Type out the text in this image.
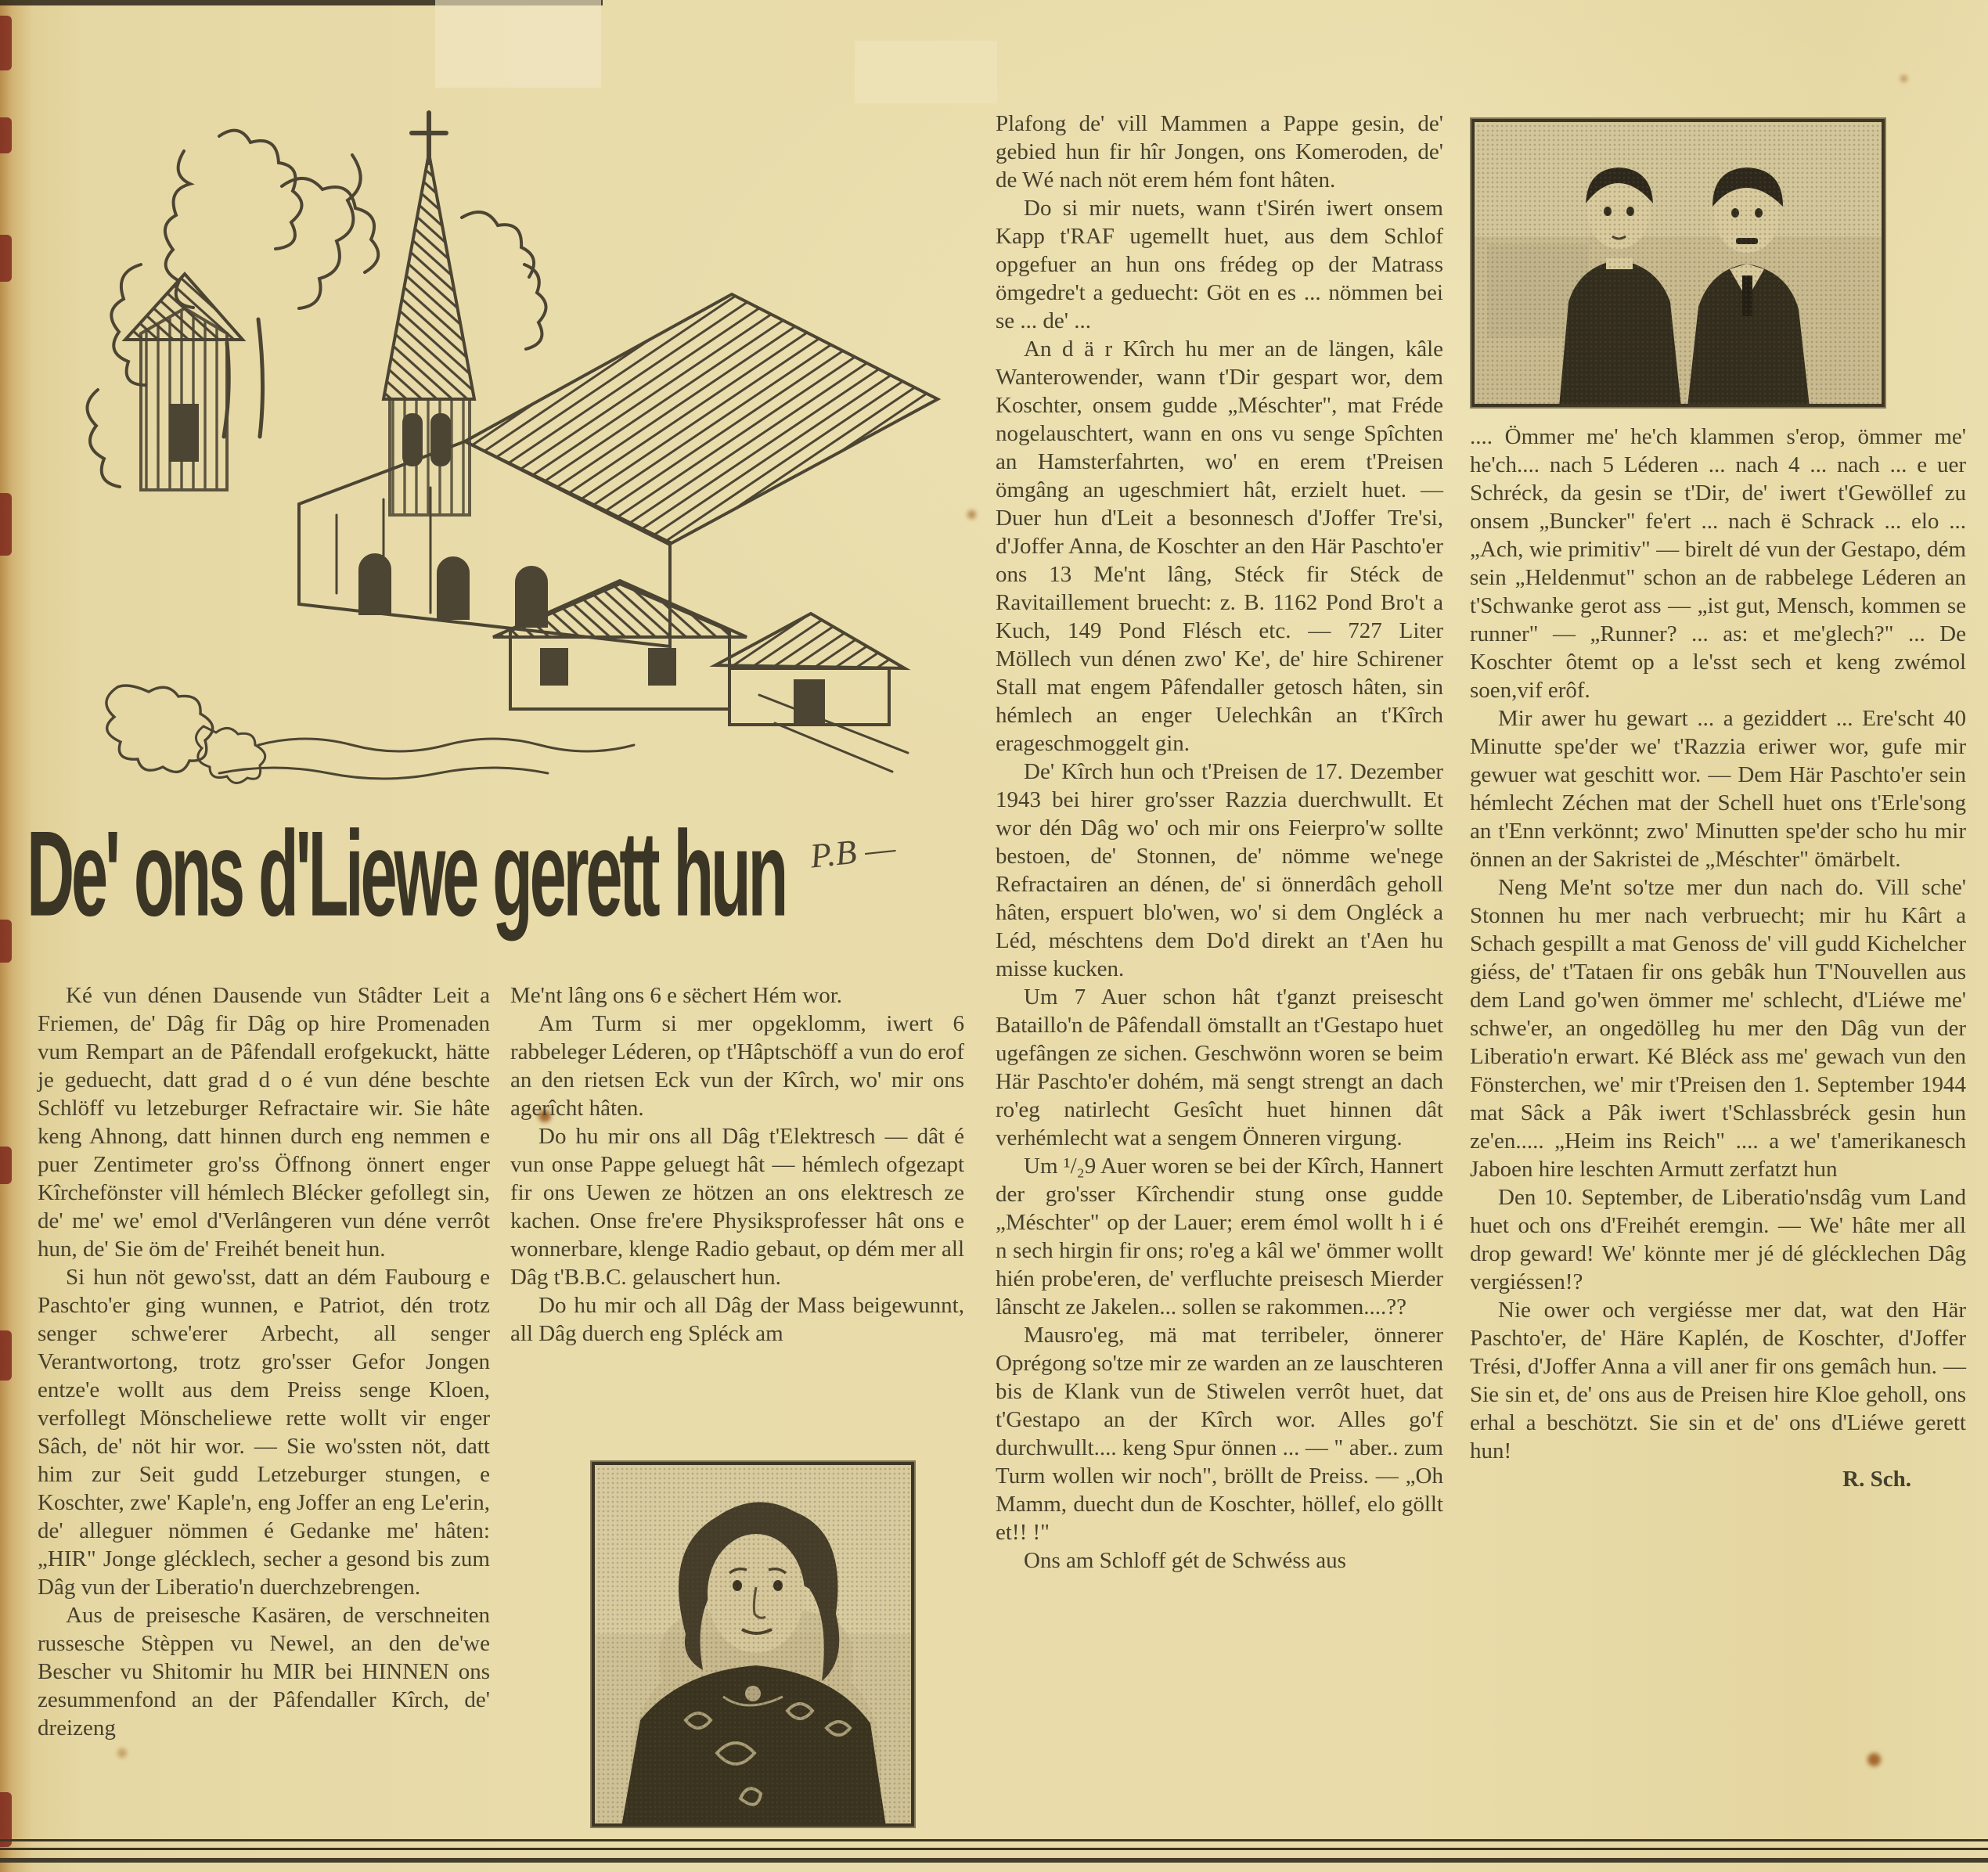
P.B —
De' ons d'Liewe gerett hun

Ké vun dénen Dausende vun Stâdter Leit a Friemen, de' Dâg fir Dâg op hire Promenaden vum Rempart an de Pâfendall erofgekuckt, hätte je geduecht, datt grad d o é vun déne beschte Schlöff vu letzeburger Refractaire wir. Sie hâte keng Ahnong, datt hinnen durch eng nemmen e puer Zentimeter gro'ss Öffnong önnert enger Kîrchefönster vill hémlech Blécker gefollegt sin, de' me' we' emol d'Verlângeren vun déne verrôt hun, de' Sie öm de' Freihét beneit hun.

Si hun nöt gewo'sst, datt an dém Faubourg e Paschto'er ging wunnen, e Patriot, dén trotz senger schwe'erer Arbecht, all senger Verantwortong, trotz gro'sser Gefor Jongen entze'e wollt aus dem Preiss senge Kloen, verfollegt Mönscheliewe rette wollt vir enger Sâch, de' nöt hir wor. — Sie wo'ssten nöt, datt him zur Seit gudd Letzeburger stungen, e Koschter, zwe' Kaple'n, eng Joffer an eng Le'erin, de' alleguer nömmen é Gedanke me' hâten: „HIR" Jonge glécklech, secher a gesond bis zum Dâg vun der Liberatio'n duerchzebrengen.

Aus de preisesche Kasären, de verschneiten russesche Stèppen vu Newel, an den de'we Bescher vu Shitomir hu MIR bei HINNEN ons zesummenfond an der Pâfendaller Kîrch, de' dreizeng

Me'nt lâng ons 6 e sëchert Hém wor.

Am Turm si mer opgeklomm, iwert 6 rabbeleger Léderen, op t'Hâptschöff a vun do erof an den rietsen Eck vun der Kîrch, wo' mir ons agerîcht hâten.

Do hu mir ons all Dâg t'Elektresch — dât é vun onse Pappe geluegt hât — hémlech ofgezapt fir ons Uewen ze hötzen an ons elektresch ze kachen. Onse fre'ere Physiksprofesser hât ons e wonnerbare, klenge Radio gebaut, op dém mer all Dâg t'B.B.C. gelauschert hun.

Do hu mir och all Dâg der Mass beigewunnt, all Dâg duerch eng Spléck am

Plafong de' vill Mammen a Pappe gesin, de' gebied hun fir hîr Jongen, ons Komeroden, de' de Wé nach nöt erem hém font hâten.

Do si mir nuets, wann t'Sirén iwert onsem Kapp t'RAF ugemellt huet, aus dem Schlof opgefuer an hun ons frédeg op der Matrass ömgedre't a geduecht: Göt en es ... nömmen bei se ... de' ...

An d ä r Kîrch hu mer an de längen, kâle Wanterowender, wann t'Dir gespart wor, dem Koschter, onsem gudde „Méschter", mat Fréde nogelauschtert, wann en ons vu senge Spîchten an Hamsterfahrten, wo' en erem t'Preisen ömgâng an ugeschmiert hât, erzielt huet. — Duer hun d'Leit a besonnesch d'Joffer Tre'si, d'Joffer Anna, de Koschter an den Här Paschto'er ons 13 Me'nt lâng, Stéck fir Stéck de Ravitaillement bruecht: z. B. 1162 Pond Bro't a Kuch, 149 Pond Flésch etc. — 727 Liter Möllech vun dénen zwo' Ke', de' hire Schirener Stall mat engem Pâfendaller getosch hâten, sin hémlech an enger Uelechkân an t'Kîrch erageschmoggelt gin.

De' Kîrch hun och t'Preisen de 17. Dezember 1943 bei hirer gro'sser Razzia duerchwullt. Et wor dén Dâg wo' och mir ons Feierpro'w sollte bestoen, de' Stonnen, de' nömme we'nege Refractairen an dénen, de' si önnerdâch geholl hâten, erspuert blo'wen, wo' si dem Ongléck a Léd, méschtens dem Do'd direkt an t'Aen hu misse kucken.

Um 7 Auer schon hât t'ganzt preisescht Bataillo'n de Pâfendall ömstallt an t'Gestapo huet ugefângen ze sichen. Geschwönn woren se beim Här Paschto'er dohém, mä sengt strengt an dach ro'eg natirlecht Gesîcht huet hinnen dât verhémlecht wat a sengem Önneren virgung.

Um ¹/₂9 Auer woren se bei der Kîrch, Hannert der gro'sser Kîrchendir stung onse gudde „Méschter" op der Lauer; erem émol wollt h i é n sech hirgin fir ons; ro'eg a kâl we' ömmer wollt hién probe'eren, de' verfluchte preisesch Mierder lânscht ze Jakelen... sollen se rakommen....??

Mausro'eg, mä mat terribeler, önnerer Oprégong so'tze mir ze warden an ze lauschteren bis de Klank vun de Stiwelen verrôt huet, dat t'Gestapo an der Kîrch wor. Alles go'f durchwullt.... keng Spur önnen ... — " aber.. zum Turm wollen wir noch", bröllt de Preiss. — „Oh Mamm, duecht dun de Koschter, höllef, elo göllt et!! !"

Ons am Schloff gét de Schwéss aus

.... Ömmer me' he'ch klammen s'erop, ömmer me' he'ch.... nach 5 Léderen ... nach 4 ... nach ... e uer Schréck, da gesin se t'Dir, de' iwert t'Gewöllef zu onsem „Buncker" fe'ert ... nach ë Schrack ... elo ... „Ach, wie primitiv" — birelt dé vun der Gestapo, dém sein „Heldenmut" schon an de rabbelege Léderen an t'Schwanke gerot ass — „ist gut, Mensch, kommen se runner" — „Runner? ... as: et me'glech?" ... De Koschter ôtemt op a le'sst sech et keng zwémol soen,vif erôf.

Mir awer hu gewart ... a geziddert ... Ere'scht 40 Minutte spe'der we' t'Razzia eriwer wor, gufe mir gewuer wat geschitt wor. — Dem Här Paschto'er sein hémlecht Zéchen mat der Schell huet ons t'Erle'song an t'Enn verkönnt; zwo' Minutten spe'der scho hu mir önnen an der Sakristei de „Méschter" ömärbelt.

Neng Me'nt so'tze mer dun nach do. Vill sche' Stonnen hu mer nach verbruecht; mir hu Kârt a Schach gespillt a mat Genoss de' vill gudd Kichelcher giéss, de' t'Tataen fir ons gebâk hun T'Nouvellen aus dem Land go'wen ömmer me' schlecht, d'Liéwe me' schwe'er, an ongedölleg hu mer den Dâg vun der Liberatio'n erwart. Ké Bléck ass me' gewach vun den Fönsterchen, we' mir t'Preisen den 1. September 1944 mat Sâck a Pâk iwert t'Schlassbréck gesin hun ze'en..... „Heim ins Reich" .... a we' t'amerikanesch Jaboen hire leschten Armutt zerfatzt hun

Den 10. September, de Liberatio'nsdâg vum Land huet och ons d'Freihét eremgin. — We' hâte mer all drop geward! We' könnte mer jé dé glécklechen Dâg vergiéssen!?

Nie ower och vergiésse mer dat, wat den Här Paschto'er, de' Häre Kaplén, de Koschter, d'Joffer Trési, d'Joffer Anna a vill aner fir ons gemâch hun. — Sie sin et, de' ons aus de Preisen hire Kloe geholl, ons erhal a beschötzt. Sie sin et de' ons d'Liéwe gerett hun!

R. Sch.
